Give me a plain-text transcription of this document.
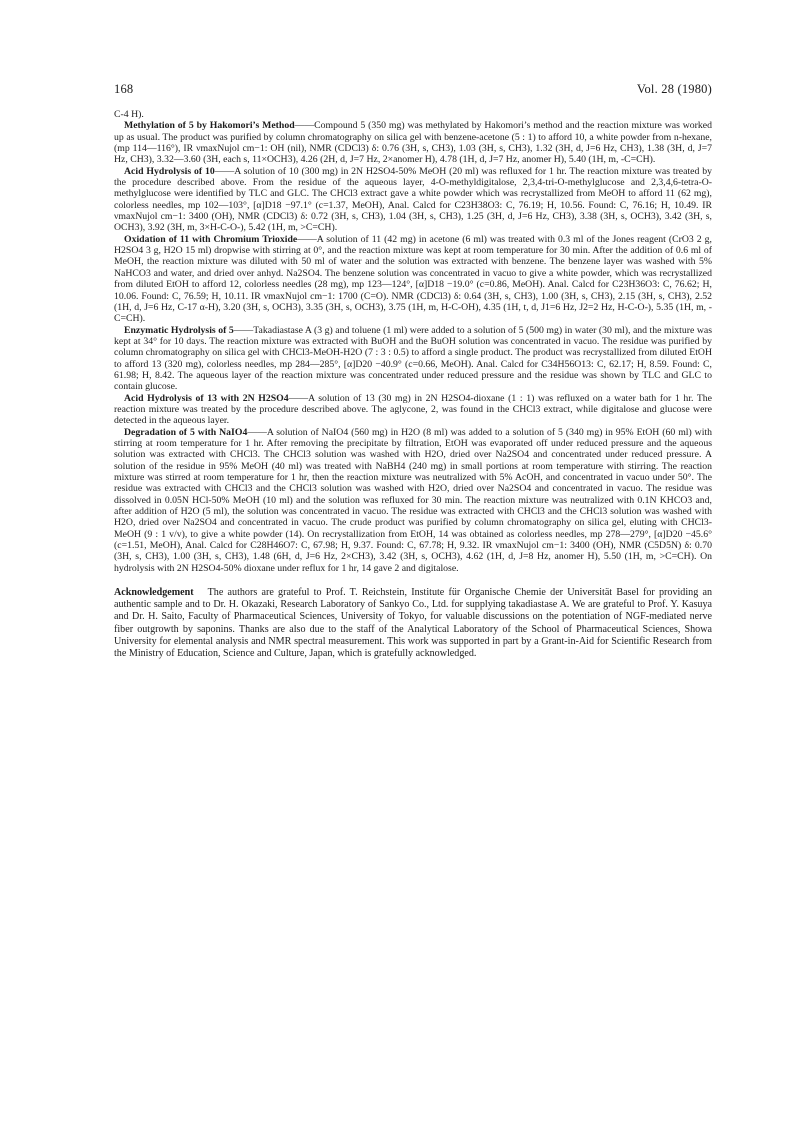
168	Vol. 28 (1980)

C-4 H).

Methylation of 5 by Hakomori’s Method——Compound 5 (350 mg) was methylated by Hakomori’s method and the reaction mixture was worked up as usual. The product was purified by column chromatography on silica gel with benzene-acetone (5 : 1) to afford 10, a white powder from n-hexane, (mp 114—116°), IR νmaxNujol cm−1: OH (nil), NMR (CDCl3) δ: 0.76 (3H, s, CH3), 1.03 (3H, s, CH3), 1.32 (3H, d, J=6 Hz, CH3), 1.38 (3H, d, J=7 Hz, CH3), 3.32—3.60 (3H, each s, 11×OCH3), 4.26 (2H, d, J=7 Hz, 2×anomer H), 4.78 (1H, d, J=7 Hz, anomer H), 5.40 (1H, m, -C=CH).

Acid Hydrolysis of 10——A solution of 10 (300 mg) in 2N H2SO4-50% MeOH (20 ml) was refluxed for 1 hr. The reaction mixture was treated by the procedure described above. From the residue of the aqueous layer, 4-O-methyldigitalose, 2,3,4-tri-O-methylglucose and 2,3,4,6-tetra-O-methylglucose were identified by TLC and GLC. The CHCl3 extract gave a white powder which was recrystallized from MeOH to afford 11 (62 mg), colorless needles, mp 102—103°, [α]D18 −97.1° (c=1.37, MeOH), Anal. Calcd for C23H38O3: C, 76.19; H, 10.56. Found: C, 76.16; H, 10.49. IR νmaxNujol cm−1: 3400 (OH), NMR (CDCl3) δ: 0.72 (3H, s, CH3), 1.04 (3H, s, CH3), 1.25 (3H, d, J=6 Hz, CH3), 3.38 (3H, s, OCH3), 3.42 (3H, s, OCH3), 3.92 (3H, m, 3×H-C-O-), 5.42 (1H, m, >C=CH).

Oxidation of 11 with Chromium Trioxide——A solution of 11 (42 mg) in acetone (6 ml) was treated with 0.3 ml of the Jones reagent (CrO3 2 g, H2SO4 3 g, H2O 15 ml) dropwise with stirring at 0°, and the reaction mixture was kept at room temperature for 30 min. After the addition of 0.6 ml of MeOH, the reaction mixture was diluted with 50 ml of water and the solution was extracted with benzene. The benzene layer was washed with 5% NaHCO3 and water, and dried over anhyd. Na2SO4. The benzene solution was concentrated in vacuo to give a white powder, which was recrystallized from diluted EtOH to afford 12, colorless needles (28 mg), mp 123—124°, [α]D18 −19.0° (c=0.86, MeOH). Anal. Calcd for C23H36O3: C, 76.62; H, 10.06. Found: C, 76.59; H, 10.11. IR νmaxNujol cm−1: 1700 (C=O). NMR (CDCl3) δ: 0.64 (3H, s, CH3), 1.00 (3H, s, CH3), 2.15 (3H, s, CH3), 2.52 (1H, d, J=6 Hz, C-17 α-H), 3.20 (3H, s, OCH3), 3.35 (3H, s, OCH3), 3.75 (1H, m, H-C-OH), 4.35 (1H, t, d, J1=6 Hz, J2=2 Hz, H-C-O-), 5.35 (1H, m, -C=CH).

Enzymatic Hydrolysis of 5——Takadiastase A (3 g) and toluene (1 ml) were added to a solution of 5 (500 mg) in water (30 ml), and the mixture was kept at 34° for 10 days. The reaction mixture was extracted with BuOH and the BuOH solution was concentrated in vacuo. The residue was purified by column chromatography on silica gel with CHCl3-MeOH-H2O (7 : 3 : 0.5) to afford a single product. The product was recrystallized from diluted EtOH to afford 13 (320 mg), colorless needles, mp 284—285°, [α]D20 −40.9° (c=0.66, MeOH). Anal. Calcd for C34H56O13: C, 62.17; H, 8.59. Found: C, 61.98; H, 8.42. The aqueous layer of the reaction mixture was concentrated under reduced pressure and the residue was shown by TLC and GLC to contain glucose.

Acid Hydrolysis of 13 with 2N H2SO4——A solution of 13 (30 mg) in 2N H2SO4-dioxane (1 : 1) was refluxed on a water bath for 1 hr. The reaction mixture was treated by the procedure described above. The aglycone, 2, was found in the CHCl3 extract, while digitalose and glucose were detected in the aqueous layer.

Degradation of 5 with NaIO4——A solution of NaIO4 (560 mg) in H2O (8 ml) was added to a solution of 5 (340 mg) in 95% EtOH (60 ml) with stirring at room temperature for 1 hr. After removing the precipitate by filtration, EtOH was evaporated off under reduced pressure and the aqueous solution was extracted with CHCl3. The CHCl3 solution was washed with H2O, dried over Na2SO4 and concentrated under reduced pressure. A solution of the residue in 95% MeOH (40 ml) was treated with NaBH4 (240 mg) in small portions at room temperature with stirring. The reaction mixture was stirred at room temperature for 1 hr, then the reaction mixture was neutralized with 5% AcOH, and concentrated in vacuo under 50°. The residue was extracted with CHCl3 and the CHCl3 solution was washed with H2O, dried over Na2SO4 and concentrated in vacuo. The residue was dissolved in 0.05N HCl-50% MeOH (10 ml) and the solution was refluxed for 30 min. The reaction mixture was neutralized with 0.1N KHCO3 and, after addition of H2O (5 ml), the solution was concentrated in vacuo. The residue was extracted with CHCl3 and the CHCl3 solution was washed with H2O, dried over Na2SO4 and concentrated in vacuo. The crude product was purified by column chromatography on silica gel, eluting with CHCl3-MeOH (9 : 1 v/v), to give a white powder (14). On recrystallization from EtOH, 14 was obtained as colorless needles, mp 278—279°, [α]D20 −45.6° (c=1.51, MeOH), Anal. Calcd for C28H46O7: C, 67.98; H, 9.37. Found: C, 67.78; H, 9.32. IR νmaxNujol cm−1: 3400 (OH), NMR (C5D5N) δ: 0.70 (3H, s, CH3), 1.00 (3H, s, CH3), 1.48 (6H, d, J=6 Hz, 2×CH3), 3.42 (3H, s, OCH3), 4.62 (1H, d, J=8 Hz, anomer H), 5.50 (1H, m, >C=CH). On hydrolysis with 2N H2SO4-50% dioxane under reflux for 1 hr, 14 gave 2 and digitalose.

Acknowledgement The authors are grateful to Prof. T. Reichstein, Institute für Organische Chemie der Universität Basel for providing an authentic sample and to Dr. H. Okazaki, Research Laboratory of Sankyo Co., Ltd. for supplying takadiastase A. We are grateful to Prof. Y. Kasuya and Dr. H. Saito, Faculty of Pharmaceutical Sciences, University of Tokyo, for valuable discussions on the potentiation of NGF-mediated nerve fiber outgrowth by saponins. Thanks are also due to the staff of the Analytical Laboratory of the School of Pharmaceutical Sciences, Showa University for elemental analysis and NMR spectral measurement. This work was supported in part by a Grant-in-Aid for Scientific Research from the Ministry of Education, Science and Culture, Japan, which is gratefully acknowledged.
